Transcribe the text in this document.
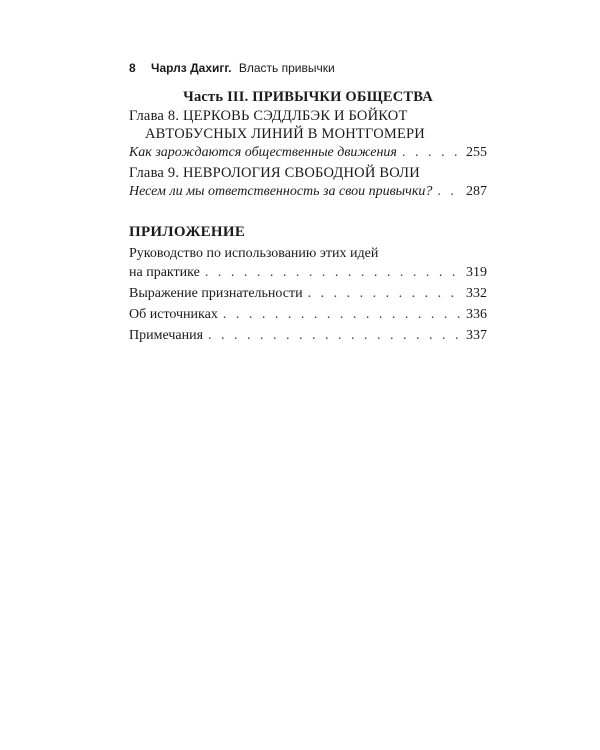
8 Чарлз Дахигг. Власть привычки
Часть III. ПРИВЫЧКИ ОБЩЕСТВА
Глава 8. ЦЕРКОВЬ СЭДДЛБЭК И БОЙКОТ
АВТОБУСНЫХ ЛИНИЙ В МОНТГОМЕРИ
Как зарождаются общественные движения . . .	255
Глава 9. НЕВРОЛОГИЯ СВОБОДНОЙ ВОЛИ
Несем ли мы ответственность за свои привычки? . . . 287
ПРИЛОЖЕНИЕ
Руководство по использованию этих идей
на практике . . .	319
Выражение признательности . . .	332
Об источниках . . .	336
Примечания . . .	337
